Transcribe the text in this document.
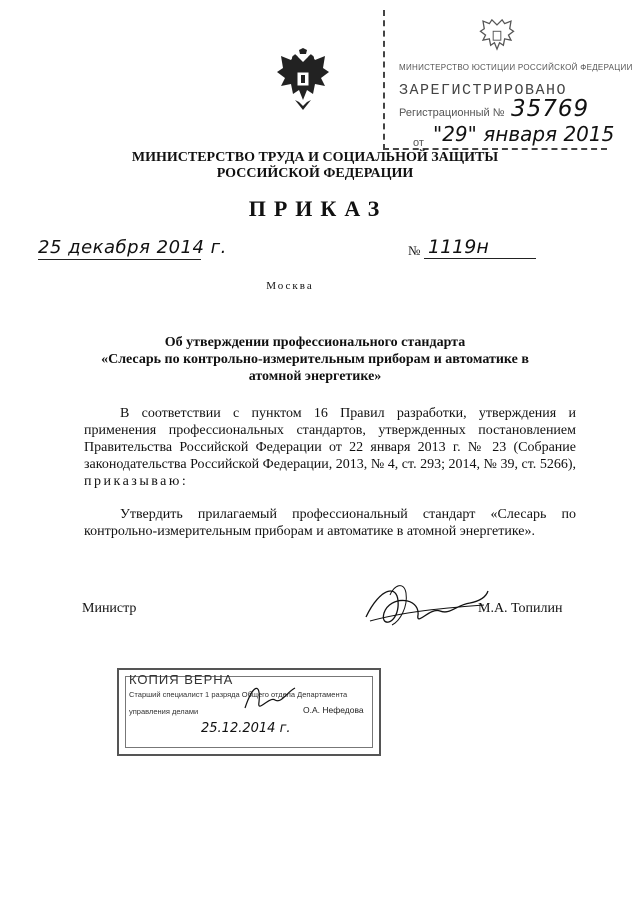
МИНИСТЕРСТВО ЮСТИЦИИ РОССИЙСКОЙ ФЕДЕРАЦИИ
ЗАРЕГИСТРИРОВАНО
Регистрационный № 35769
от "29" января 2015
МИНИСТЕРСТВО ТРУДА И СОЦИАЛЬНОЙ ЗАЩИТЫ
РОССИЙСКОЙ ФЕДЕРАЦИИ
ПРИКАЗ
25 декабря 2014 г.	№ 1119н
Москва
Об утверждении профессионального стандарта
«Слесарь по контрольно-измерительным приборам и автоматике в
атомной энергетике»
В соответствии с пунктом 16 Правил разработки, утверждения и применения профессиональных стандартов, утвержденных постановлением Правительства Российской Федерации от 22 января 2013 г. № 23 (Собрание законодательства Российской Федерации, 2013, № 4, ст. 293; 2014, № 39, ст. 5266), приказываю:
Утвердить прилагаемый профессиональный стандарт «Слесарь по контрольно-измерительным приборам и автоматике в атомной энергетике».
Министр	М.А. Топилин
КОПИЯ ВЕРНА
Старший специалист 1 разряда Общего отдела Департамента
управления делами	О.А. Нефедова
25.12.2014 г.
